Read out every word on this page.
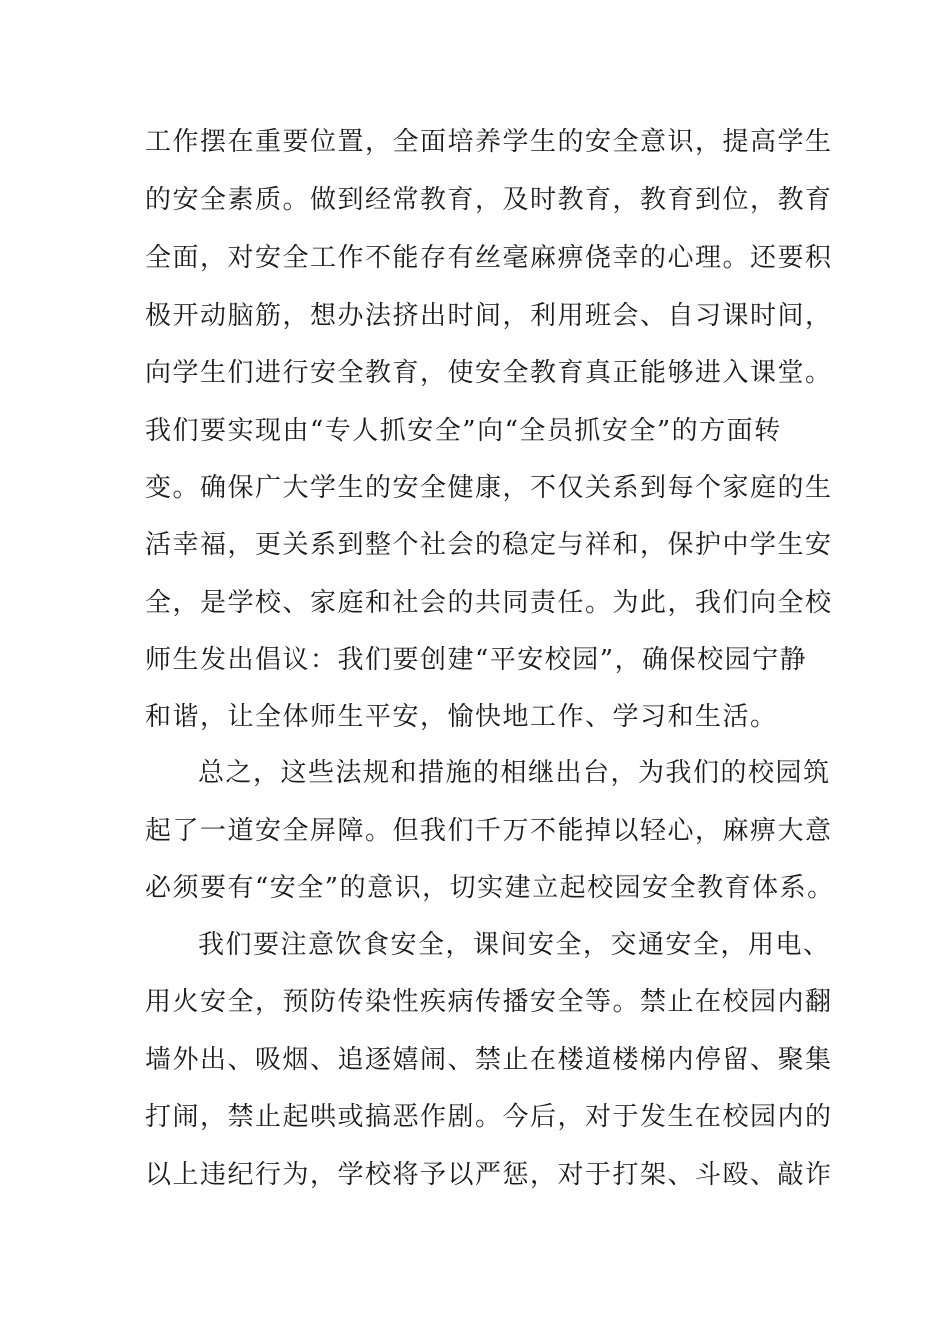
工作摆在重要位置，全面培养学生的安全意识，提高学生
的安全素质。做到经常教育，及时教育，教育到位，教育
全面，对安全工作不能存有丝毫麻痹侥幸的心理。还要积
极开动脑筋，想办法挤出时间，利用班会、自习课时间，
向学生们进行安全教育，使安全教育真正能够进入课堂。
我们要实现由“专人抓安全”向“全员抓安全”的方面转
变。确保广大学生的安全健康，不仅关系到每个家庭的生
活幸福，更关系到整个社会的稳定与祥和，保护中学生安
全，是学校、家庭和社会的共同责任。为此，我们向全校
师生发出倡议：我们要创建“平安校园”，确保校园宁静
和谐，让全体师生平安，愉快地工作、学习和生活。
总之，这些法规和措施的相继出台，为我们的校园筑
起了一道安全屏障。但我们千万不能掉以轻心，麻痹大意
必须要有“安全”的意识，切实建立起校园安全教育体系。
我们要注意饮食安全，课间安全，交通安全，用电、
用火安全，预防传染性疾病传播安全等。禁止在校园内翻
墙外出、吸烟、追逐嬉闹、禁止在楼道楼梯内停留、聚集
打闹，禁止起哄或搞恶作剧。今后，对于发生在校园内的
以上违纪行为，学校将予以严惩，对于打架、斗殴、敲诈
